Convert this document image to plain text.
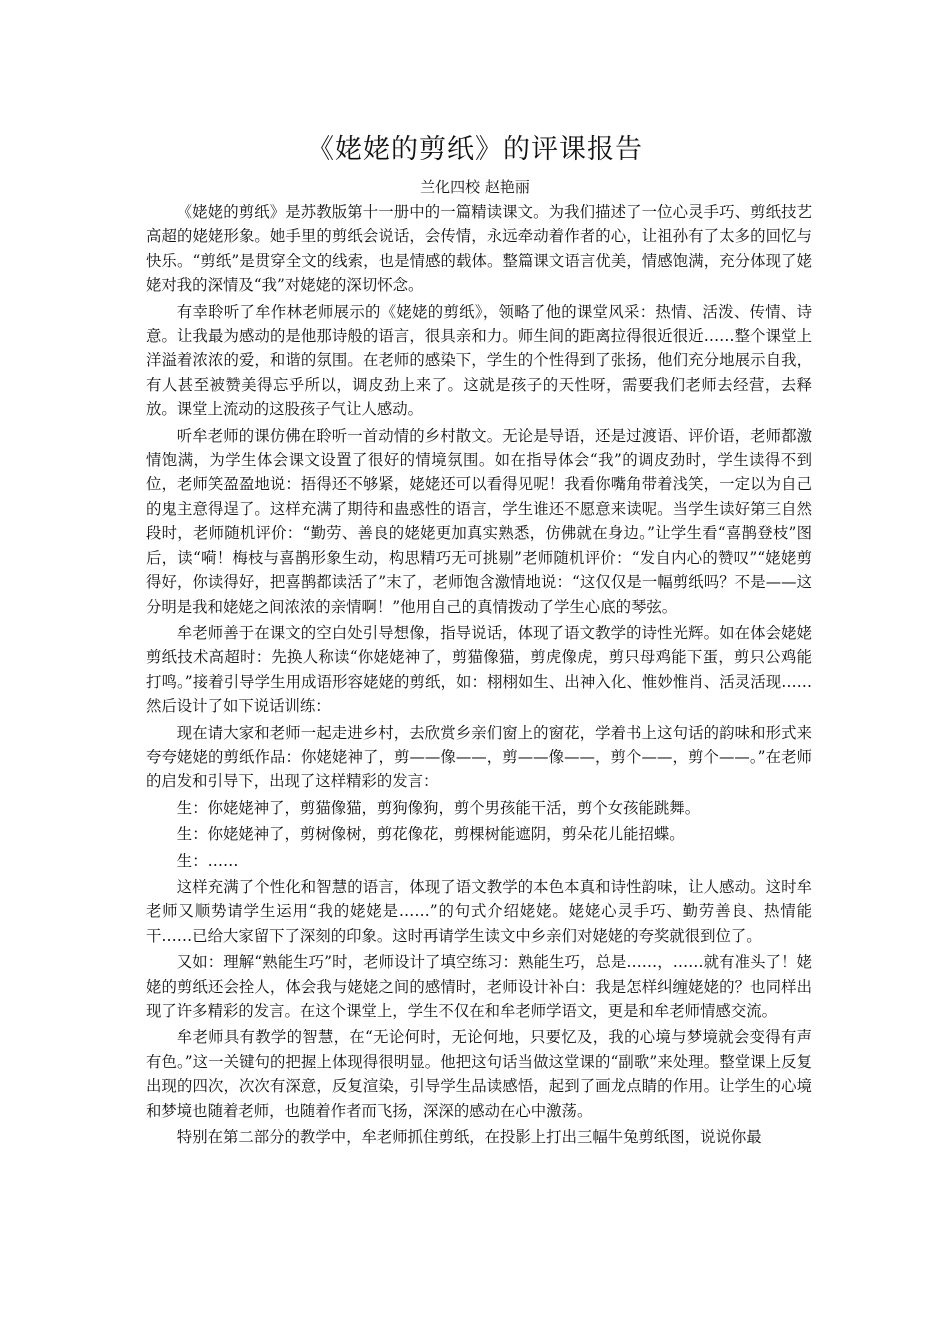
《姥姥的剪纸》的评课报告
兰化四校 赵艳丽

《姥姥的剪纸》是苏教版第十一册中的一篇精读课文。为我们描述了一位心灵手巧、剪纸技艺高超的姥姥形象。她手里的剪纸会说话，会传情，永远牵动着作者的心，让祖孙有了太多的回忆与快乐。“剪纸”是贯穿全文的线索，也是情感的载体。整篇课文语言优美，情感饱满，充分体现了姥姥对我的深情及“我”对姥姥的深切怀念。

有幸聆听了牟作林老师展示的《姥姥的剪纸》，领略了他的课堂风采：热情、活泼、传情、诗意。让我最为感动的是他那诗般的语言，很具亲和力。师生间的距离拉得很近很近……整个课堂上洋溢着浓浓的爱，和谐的氛围。在老师的感染下，学生的个性得到了张扬，他们充分地展示自我，有人甚至被赞美得忘乎所以，调皮劲上来了。这就是孩子的天性呀，需要我们老师去经营，去释放。课堂上流动的这股孩子气让人感动。

听牟老师的课仿佛在聆听一首动情的乡村散文。无论是导语，还是过渡语、评价语，老师都激情饱满，为学生体会课文设置了很好的情境氛围。如在指导体会“我”的调皮劲时，学生读得不到位，老师笑盈盈地说：捂得还不够紧，姥姥还可以看得见呢！我看你嘴角带着浅笑，一定以为自己的鬼主意得逞了。这样充满了期待和蛊惑性的语言，学生谁还不愿意来读呢。当学生读好第三自然段时，老师随机评价：“勤劳、善良的姥姥更加真实熟悉，仿佛就在身边。”让学生看“喜鹊登枝”图后，读“嗬！梅枝与喜鹊形象生动，构思精巧无可挑剔”老师随机评价：“发自内心的赞叹”“姥姥剪得好，你读得好，把喜鹊都读活了”末了，老师饱含激情地说：“这仅仅是一幅剪纸吗？不是——这分明是我和姥姥之间浓浓的亲情啊！”他用自己的真情拨动了学生心底的琴弦。

牟老师善于在课文的空白处引导想像，指导说话，体现了语文教学的诗性光辉。如在体会姥姥剪纸技术高超时：先换人称读“你姥姥神了，剪猫像猫，剪虎像虎，剪只母鸡能下蛋，剪只公鸡能打鸣。”接着引导学生用成语形容姥姥的剪纸，如：栩栩如生、出神入化、惟妙惟肖、活灵活现……然后设计了如下说话训练：

现在请大家和老师一起走进乡村，去欣赏乡亲们窗上的窗花，学着书上这句话的韵味和形式来夸夸姥姥的剪纸作品：你姥姥神了，剪——像——，剪——像——，剪个——，剪个——。”在老师的启发和引导下，出现了这样精彩的发言：

生：你姥姥神了，剪猫像猫，剪狗像狗，剪个男孩能干活，剪个女孩能跳舞。

生：你姥姥神了，剪树像树，剪花像花，剪棵树能遮阴，剪朵花儿能招蝶。

生：……

这样充满了个性化和智慧的语言，体现了语文教学的本色本真和诗性韵味，让人感动。这时牟老师又顺势请学生运用“我的姥姥是……”的句式介绍姥姥。姥姥心灵手巧、勤劳善良、热情能干……已给大家留下了深刻的印象。这时再请学生读文中乡亲们对姥姥的夸奖就很到位了。

又如：理解“熟能生巧”时，老师设计了填空练习：熟能生巧，总是……，……就有准头了！姥姥的剪纸还会拴人，体会我与姥姥之间的感情时，老师设计补白：我是怎样纠缠姥姥的？也同样出现了许多精彩的发言。在这个课堂上，学生不仅在和牟老师学语文，更是和牟老师情感交流。

牟老师具有教学的智慧，在“无论何时，无论何地，只要忆及，我的心境与梦境就会变得有声有色。”这一关键句的把握上体现得很明显。他把这句话当做这堂课的“副歌”来处理。整堂课上反复出现的四次，次次有深意，反复渲染，引导学生品读感悟，起到了画龙点睛的作用。让学生的心境和梦境也随着老师，也随着作者而飞扬，深深的感动在心中激荡。

特别在第二部分的教学中，牟老师抓住剪纸，在投影上打出三幅牛兔剪纸图，说说你最
